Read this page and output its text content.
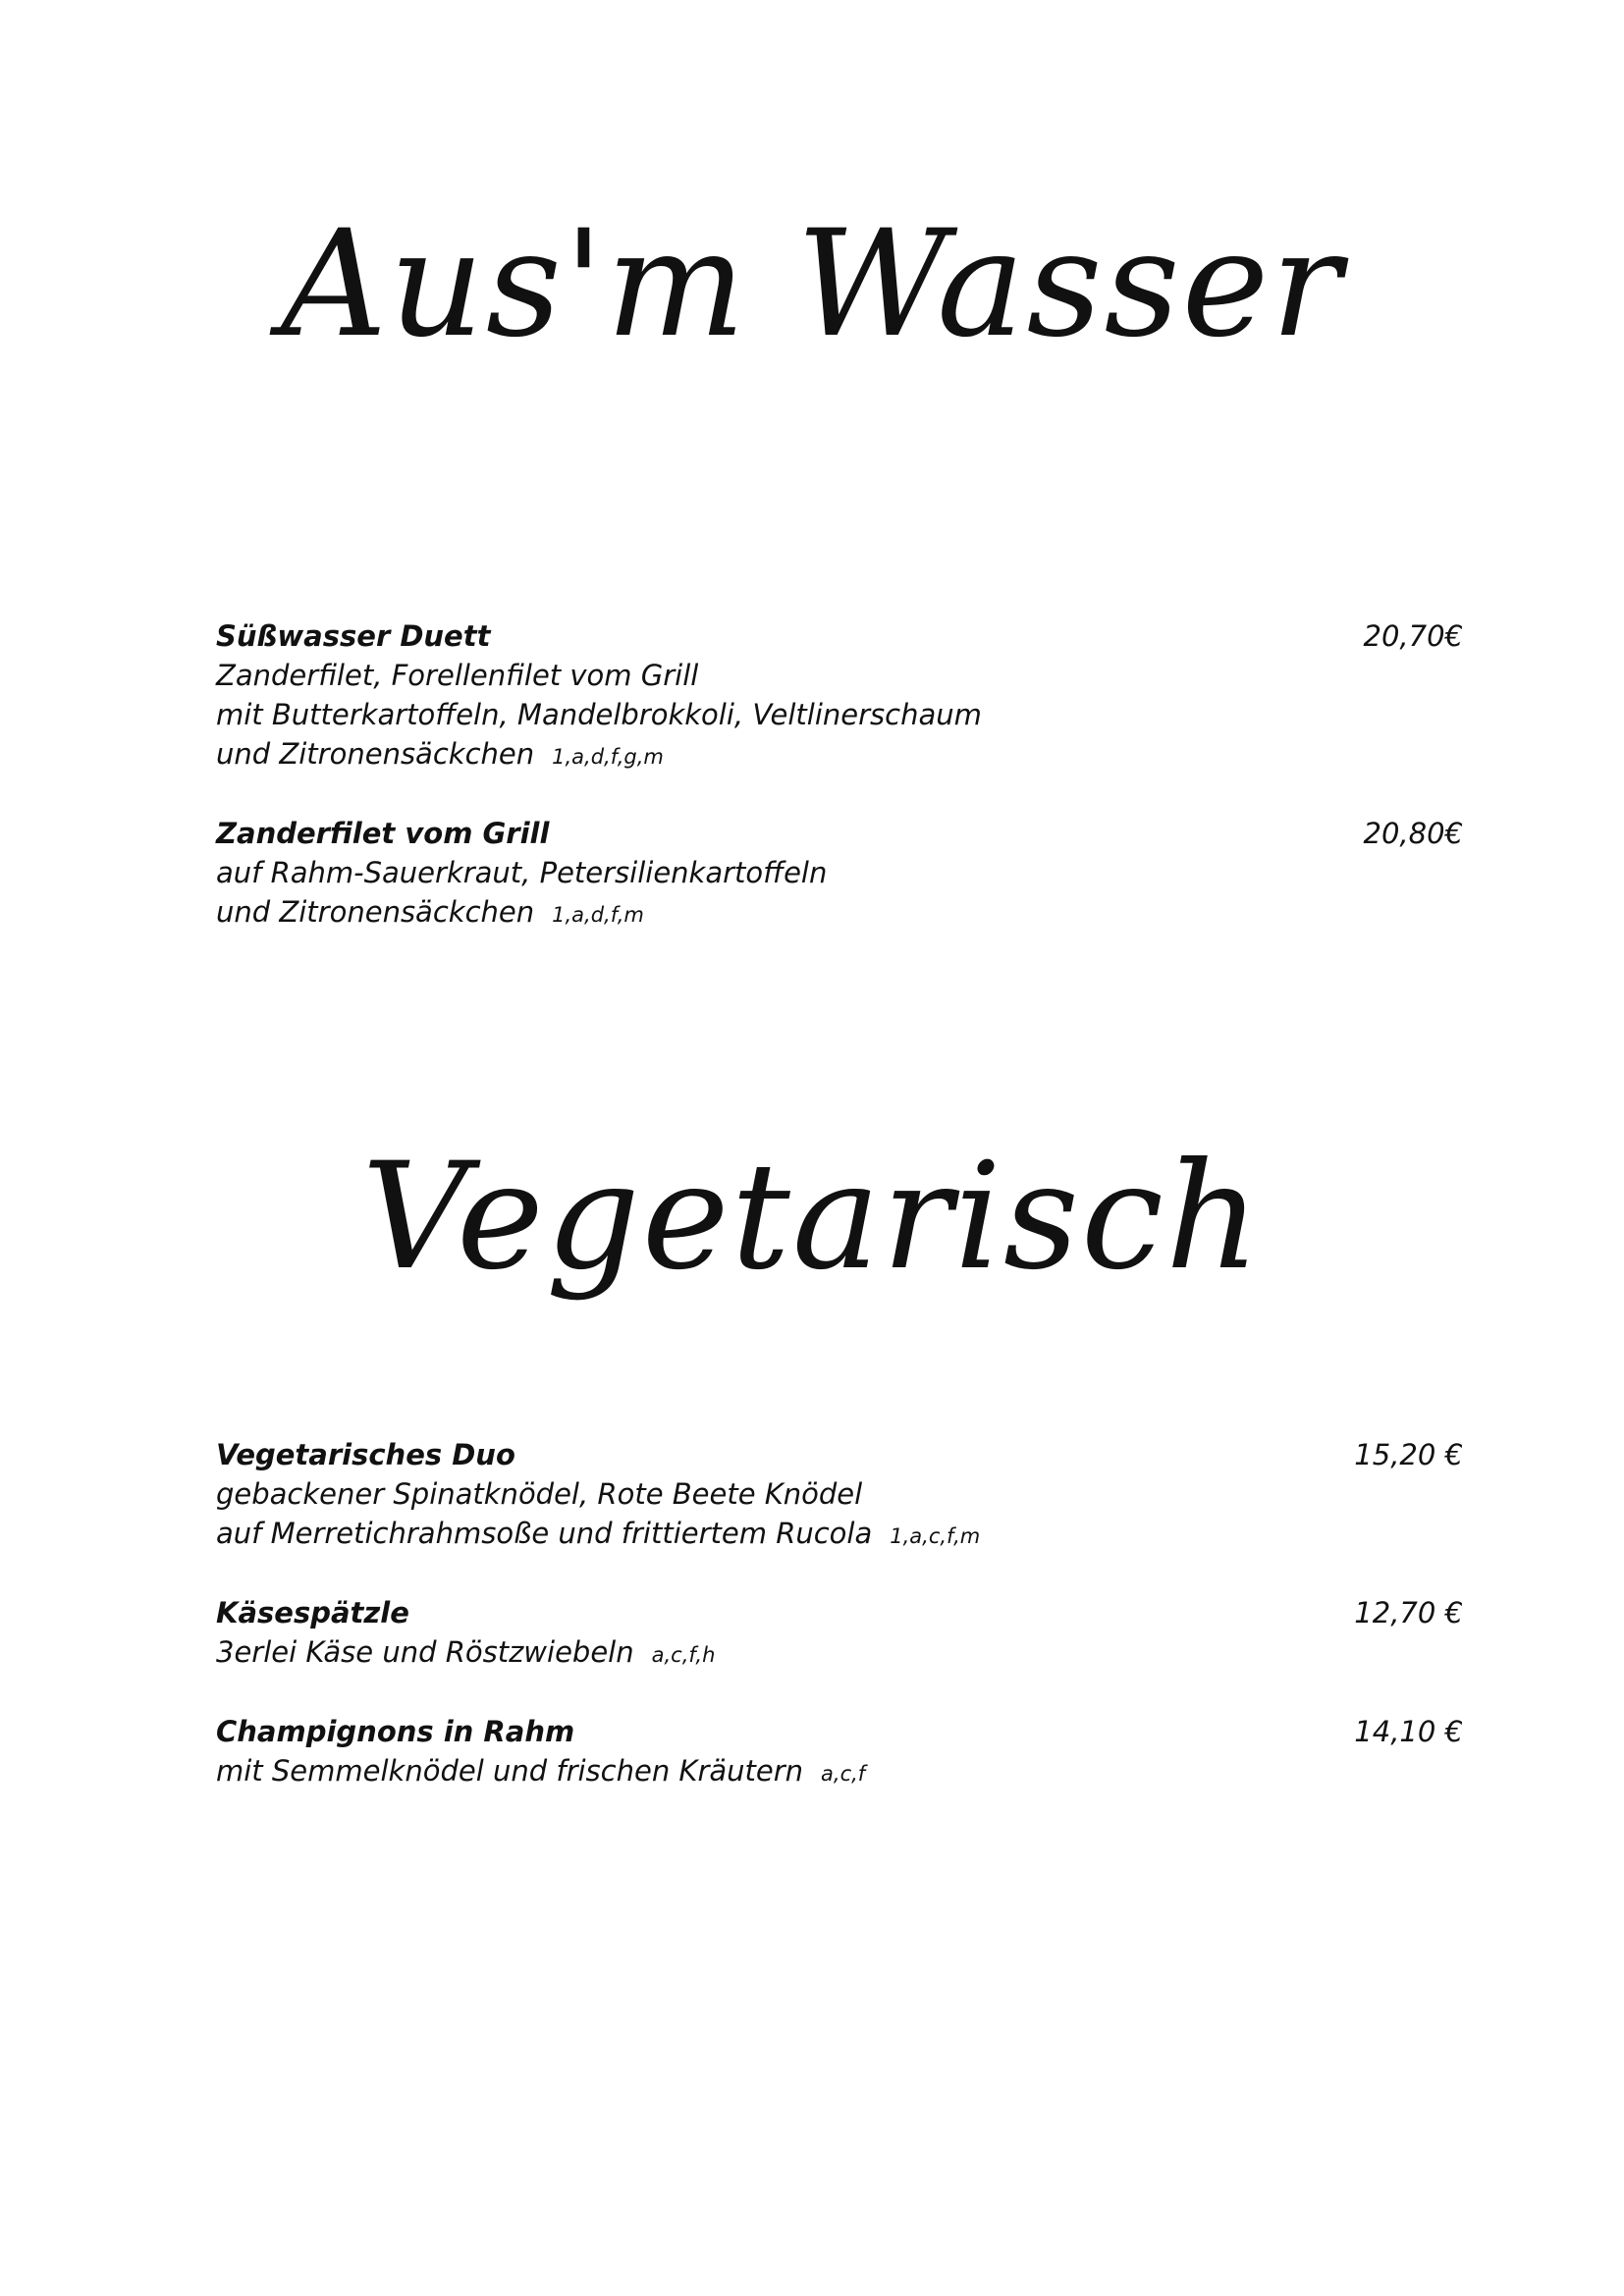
Aus'm Wasser
Süßwasser Duett	20,70€
Zanderfilet, Forellenfilet vom Grill
mit Butterkartoffeln, Mandelbrokkoli, Veltlinerschaum
und Zitronensäckchen 1,a,d,f,g,m
Zanderfilet vom Grill	20,80€
auf Rahm-Sauerkraut, Petersilienkartoffeln
und Zitronensäckchen 1,a,d,f,m
Vegetarisch
Vegetarisches Duo	15,20 €
gebackener Spinatknödel, Rote Beete Knödel
auf Merretichrahmsoße und frittiertem Rucola 1,a,c,f,m
Käsespätzle	12,70 €
3erlei Käse und Röstzwiebeln a,c,f,h
Champignons in Rahm	14,10 €
mit Semmelknödel und frischen Kräutern a,c,f
